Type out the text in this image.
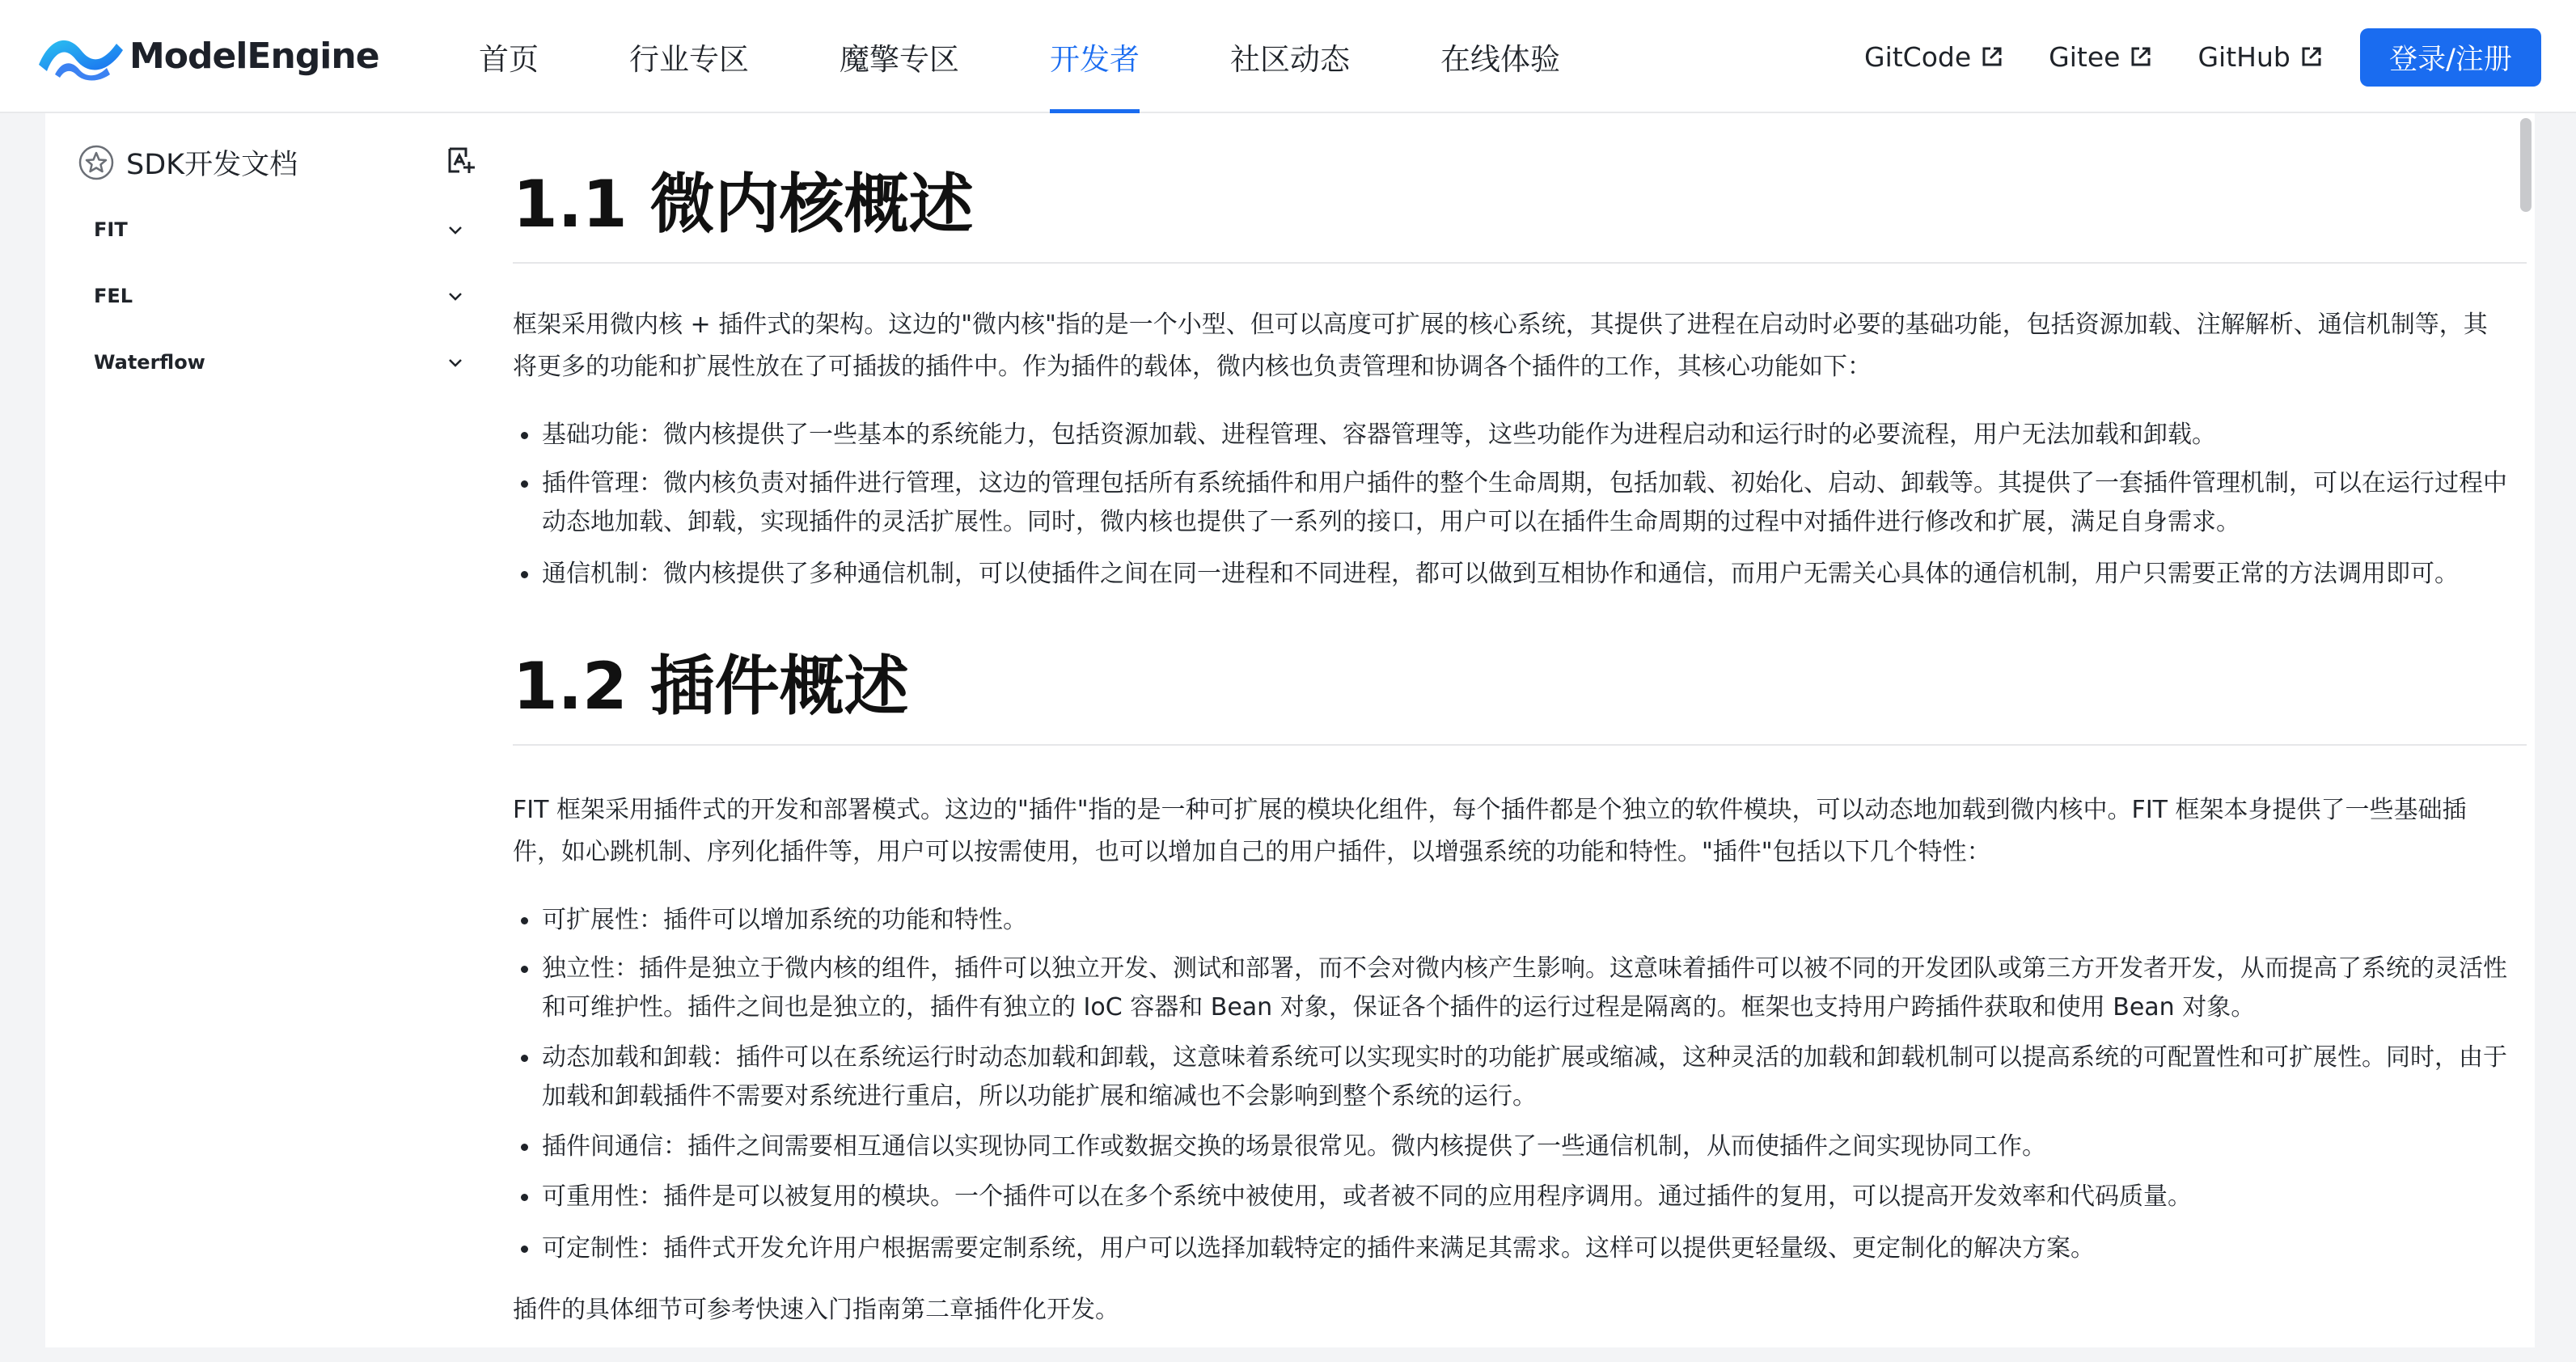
ModelEngine	首页	行业专区	魔擎专区	开发者	社区动态	在线体验	GitCode	Gitee	GitHub	登录/注册
SDK开发文档
FIT
FEL
Waterflow
1.1 微内核概述
框架采用微内核 + 插件式的架构。这边的"微内核"指的是一个小型、但可以高度可扩展的核心系统，其提供了进程在启动时必要的基础功能，包括资源加载、注解解析、通信机制等，其将更多的功能和扩展性放在了可插拔的插件中。作为插件的载体，微内核也负责管理和协调各个插件的工作，其核心功能如下：
基础功能：微内核提供了一些基本的系统能力，包括资源加载、进程管理、容器管理等，这些功能作为进程启动和运行时的必要流程，用户无法加载和卸载。
插件管理：微内核负责对插件进行管理，这边的管理包括所有系统插件和用户插件的整个生命周期，包括加载、初始化、启动、卸载等。其提供了一套插件管理机制，可以在运行过程中动态地加载、卸载，实现插件的灵活扩展性。同时，微内核也提供了一系列的接口，用户可以在插件生命周期的过程中对插件进行修改和扩展，满足自身需求。
通信机制：微内核提供了多种通信机制，可以使插件之间在同一进程和不同进程，都可以做到互相协作和通信，而用户无需关心具体的通信机制，用户只需要正常的方法调用即可。
1.2 插件概述
FIT 框架采用插件式的开发和部署模式。这边的"插件"指的是一种可扩展的模块化组件，每个插件都是个独立的软件模块，可以动态地加载到微内核中。FIT 框架本身提供了一些基础插件，如心跳机制、序列化插件等，用户可以按需使用，也可以增加自己的用户插件，以增强系统的功能和特性。"插件"包括以下几个特性：
可扩展性：插件可以增加系统的功能和特性。
独立性：插件是独立于微内核的组件，插件可以独立开发、测试和部署，而不会对微内核产生影响。这意味着插件可以被不同的开发团队或第三方开发者开发，从而提高了系统的灵活性和可维护性。插件之间也是独立的，插件有独立的 IoC 容器和 Bean 对象，保证各个插件的运行过程是隔离的。框架也支持用户跨插件获取和使用 Bean 对象。
动态加载和卸载：插件可以在系统运行时动态加载和卸载，这意味着系统可以实现实时的功能扩展或缩减，这种灵活的加载和卸载机制可以提高系统的可配置性和可扩展性。同时，由于加载和卸载插件不需要对系统进行重启，所以功能扩展和缩减也不会影响到整个系统的运行。
插件间通信：插件之间需要相互通信以实现协同工作或数据交换的场景很常见。微内核提供了一些通信机制，从而使插件之间实现协同工作。
可重用性：插件是可以被复用的模块。一个插件可以在多个系统中被使用，或者被不同的应用程序调用。通过插件的复用，可以提高开发效率和代码质量。
可定制性：插件式开发允许用户根据需要定制系统，用户可以选择加载特定的插件来满足其需求。这样可以提供更轻量级、更定制化的解决方案。
插件的具体细节可参考快速入门指南第二章插件化开发。
